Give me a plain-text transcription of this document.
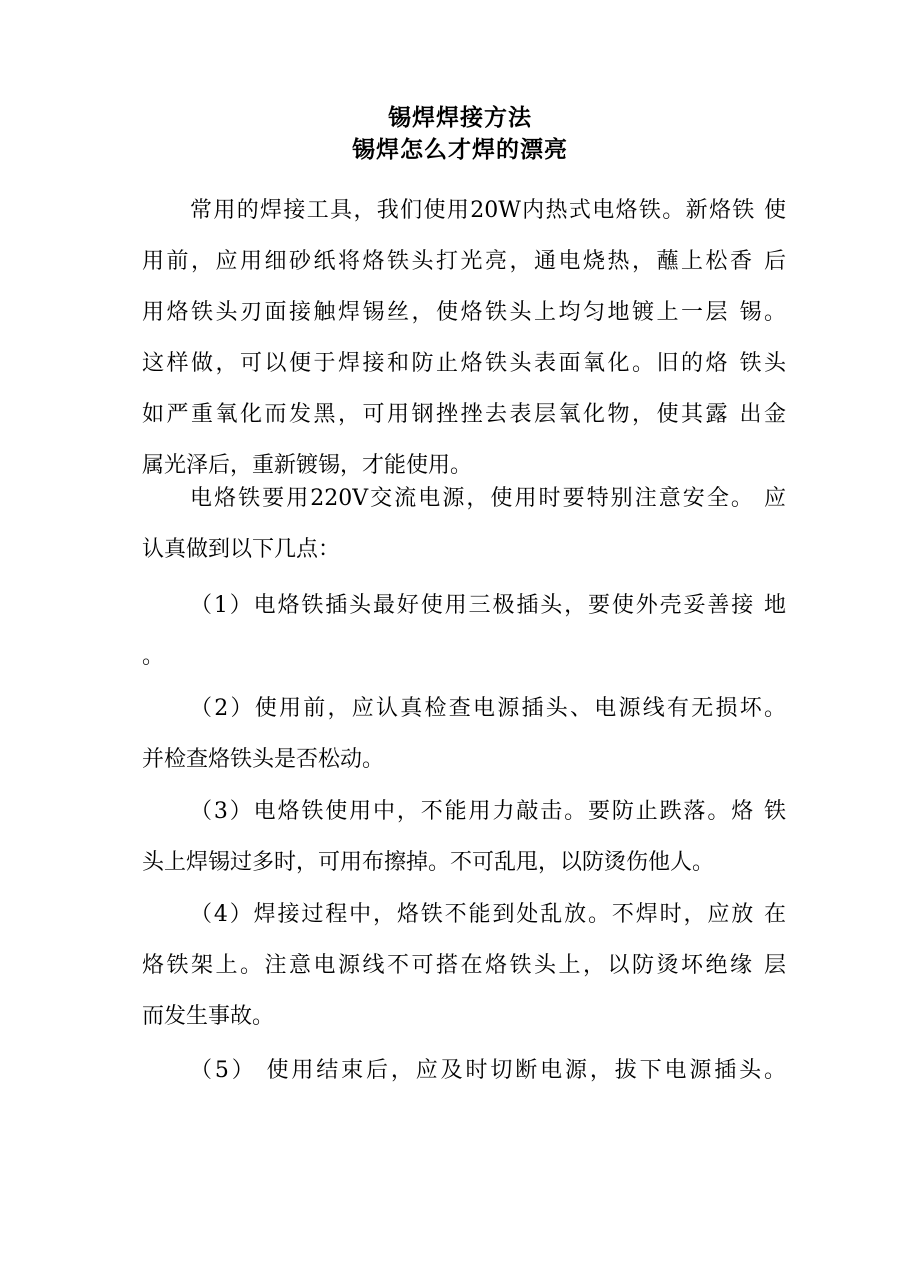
锡焊焊接方法
锡焊怎么才焊的漂亮
常用的焊接工具，我们使用20W内热式电烙铁。新烙铁 使
用前，应用细砂纸将烙铁头打光亮，通电烧热，蘸上松香 后
用烙铁头刃面接触焊锡丝，使烙铁头上均匀地镀上一层 锡。
这样做，可以便于焊接和防止烙铁头表面氧化。旧的烙 铁头
如严重氧化而发黑，可用钢挫挫去表层氧化物，使其露 出金
属光泽后，重新镀锡，才能使用。
电烙铁要用220V交流电源，使用时要特别注意安全。 应
认真做到以下几点：
（1）电烙铁插头最好使用三极插头，要使外壳妥善接 地
。
（2）使用前，应认真检查电源插头、电源线有无损坏。
并检查烙铁头是否松动。
（3）电烙铁使用中，不能用力敲击。要防止跌落。烙 铁
头上焊锡过多时，可用布擦掉。不可乱甩，以防烫伤他人。
（4）焊接过程中，烙铁不能到处乱放。不焊时，应放 在
烙铁架上。注意电源线不可搭在烙铁头上，以防烫坏绝缘 层
而发生事故。
（5） 使用结束后，应及时切断电源，拔下电源插头。
